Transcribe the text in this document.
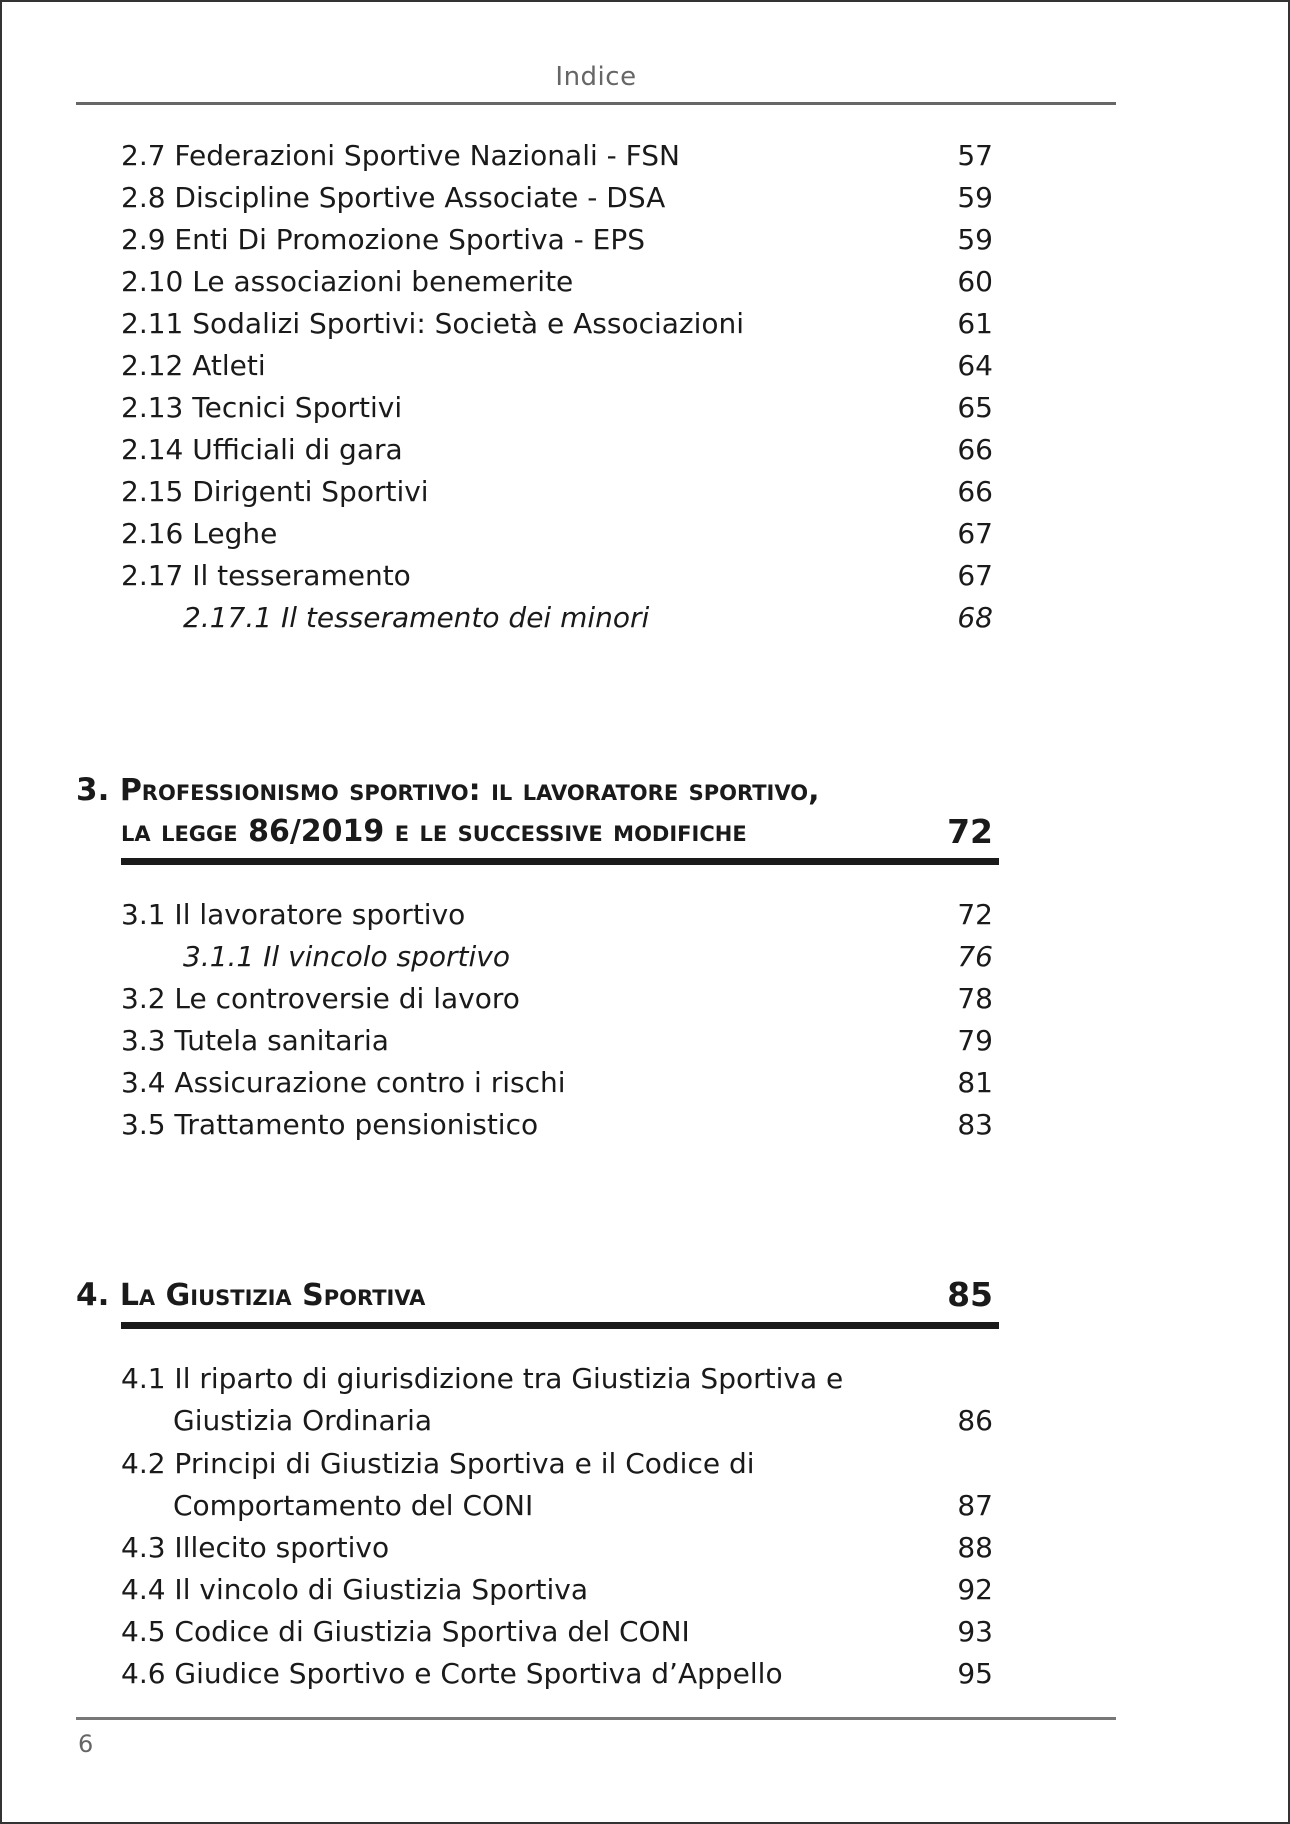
Indice
2.7 Federazioni Sportive Nazionali - FSN	57
2.8 Discipline Sportive Associate - DSA	59
2.9 Enti Di Promozione Sportiva - EPS	59
2.10 Le associazioni benemerite	60
2.11 Sodalizi Sportivi: Società e Associazioni	61
2.12 Atleti	64
2.13 Tecnici Sportivi	65
2.14 Ufficiali di gara	66
2.15 Dirigenti Sportivi	66
2.16 Leghe	67
2.17 Il tesseramento	67
2.17.1 Il tesseramento dei minori	68
3. Professionismo sportivo: il lavoratore sportivo,
la legge 86/2019 e le successive modifiche	72
3.1 Il lavoratore sportivo	72
3.1.1 Il vincolo sportivo	76
3.2 Le controversie di lavoro	78
3.3 Tutela sanitaria	79
3.4 Assicurazione contro i rischi	81
3.5 Trattamento pensionistico	83
4. La Giustizia Sportiva	85
4.1 Il riparto di giurisdizione tra Giustizia Sportiva e
Giustizia Ordinaria	86
4.2 Principi di Giustizia Sportiva e il Codice di
Comportamento del CONI	87
4.3 Illecito sportivo	88
4.4 Il vincolo di Giustizia Sportiva	92
4.5 Codice di Giustizia Sportiva del CONI	93
4.6 Giudice Sportivo e Corte Sportiva d’Appello	95
6
